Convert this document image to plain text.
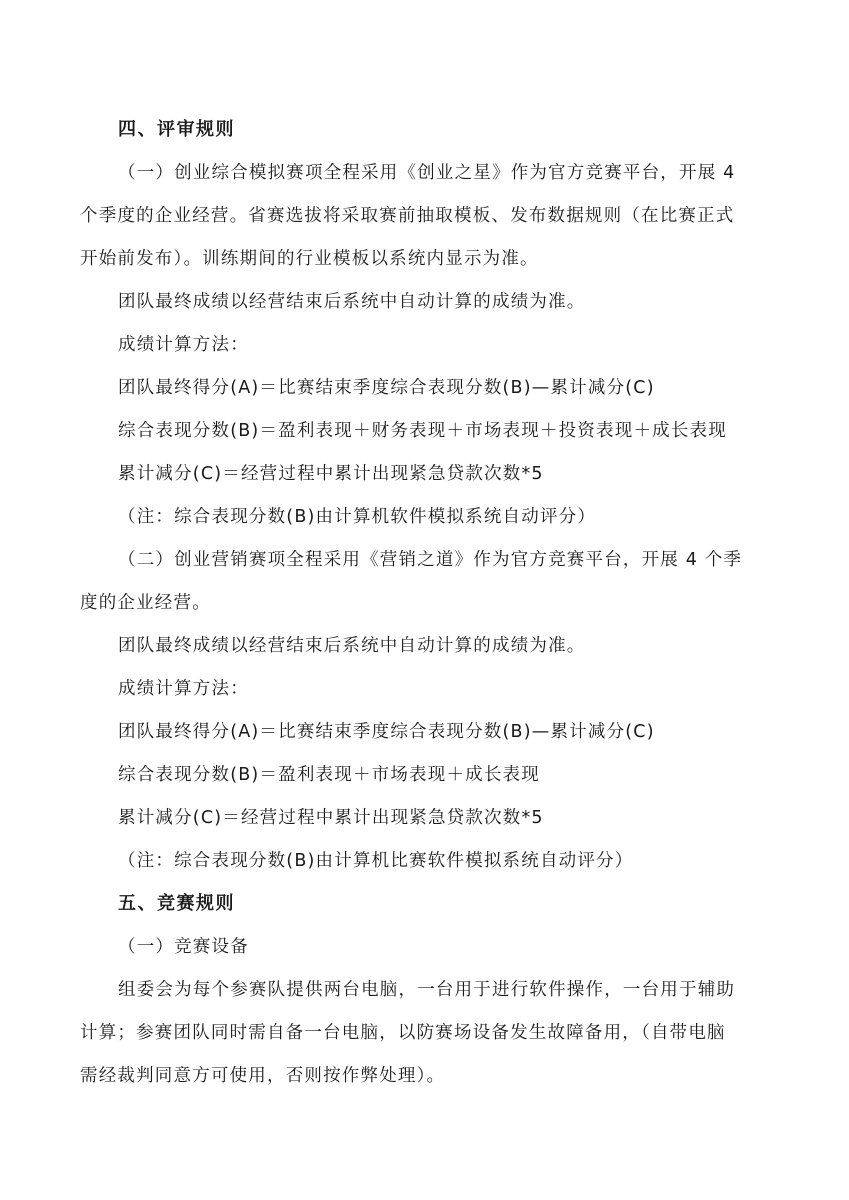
四、评审规则
（一）创业综合模拟赛项全程采用《创业之星》作为官方竞赛平台，开展 4
个季度的企业经营。省赛选拔将采取赛前抽取模板、发布数据规则（在比赛正式
开始前发布）。训练期间的行业模板以系统内显示为准。
团队最终成绩以经营结束后系统中自动计算的成绩为准。
成绩计算方法：
团队最终得分(A)＝比赛结束季度综合表现分数(B)—累计减分(C)
综合表现分数(B)＝盈利表现＋财务表现＋市场表现＋投资表现＋成长表现
累计减分(C)＝经营过程中累计出现紧急贷款次数*5
（注：综合表现分数(B)由计算机软件模拟系统自动评分）
（二）创业营销赛项全程采用《营销之道》作为官方竞赛平台，开展 4 个季
度的企业经营。
团队最终成绩以经营结束后系统中自动计算的成绩为准。
成绩计算方法：
团队最终得分(A)＝比赛结束季度综合表现分数(B)—累计减分(C)
综合表现分数(B)＝盈利表现＋市场表现＋成长表现
累计减分(C)＝经营过程中累计出现紧急贷款次数*5
（注：综合表现分数(B)由计算机比赛软件模拟系统自动评分）
五、竞赛规则
（一）竞赛设备
组委会为每个参赛队提供两台电脑，一台用于进行软件操作，一台用于辅助
计算；参赛团队同时需自备一台电脑，以防赛场设备发生故障备用，（自带电脑
需经裁判同意方可使用，否则按作弊处理）。
